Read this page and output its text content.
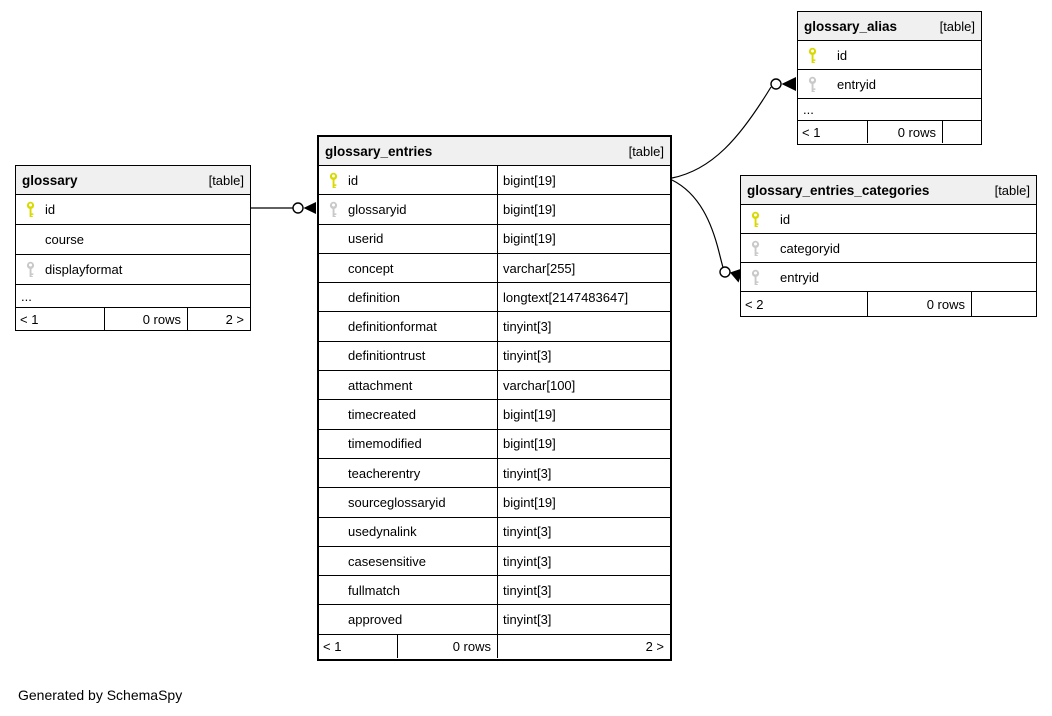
glossary	[table]
id
course
displayformat
...
< 1	0 rows	2 >
glossary_entries	[table]
id	bigint[19]
glossaryid	bigint[19]
userid	bigint[19]
concept	varchar[255]
definition	longtext[2147483647]
definitionformat	tinyint[3]
definitiontrust	tinyint[3]
attachment	varchar[100]
timecreated	bigint[19]
timemodified	bigint[19]
teacherentry	tinyint[3]
sourceglossaryid	bigint[19]
usedynalink	tinyint[3]
casesensitive	tinyint[3]
fullmatch	tinyint[3]
approved	tinyint[3]
< 1	0 rows	2 >
glossary_alias	[table]
id
entryid
...
< 1	0 rows
glossary_entries_categories	[table]
id
categoryid
entryid
< 2	0 rows
Generated by SchemaSpy
